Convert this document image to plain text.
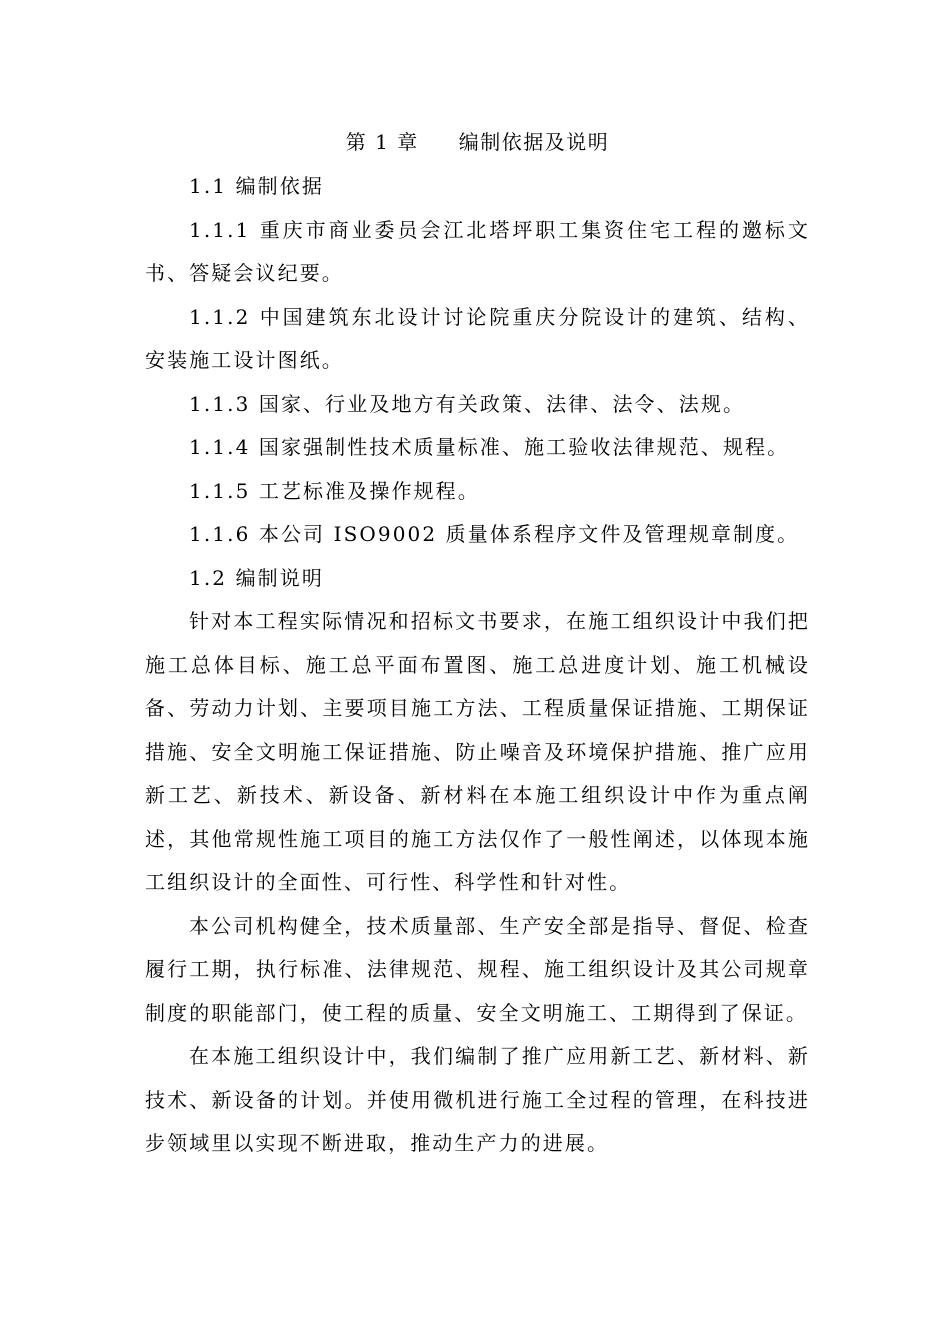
第 1 章 编制依据及说明

1.1 编制依据

1.1.1 重庆市商业委员会江北塔坪职工集资住宅工程的邀标文书、答疑会议纪要。

1.1.2 中国建筑东北设计讨论院重庆分院设计的建筑、结构、安装施工设计图纸。

1.1.3 国家、行业及地方有关政策、法律、法令、法规。

1.1.4 国家强制性技术质量标准、施工验收法律规范、规程。

1.1.5 工艺标准及操作规程。

1.1.6 本公司 ISO9002 质量体系程序文件及管理规章制度。

1.2 编制说明

针对本工程实际情况和招标文书要求，在施工组织设计中我们把施工总体目标、施工总平面布置图、施工总进度计划、施工机械设备、劳动力计划、主要项目施工方法、工程质量保证措施、工期保证措施、安全文明施工保证措施、防止噪音及环境保护措施、推广应用新工艺、新技术、新设备、新材料在本施工组织设计中作为重点阐述，其他常规性施工项目的施工方法仅作了一般性阐述，以体现本施工组织设计的全面性、可行性、科学性和针对性。

本公司机构健全，技术质量部、生产安全部是指导、督促、检查履行工期，执行标准、法律规范、规程、施工组织设计及其公司规章制度的职能部门，使工程的质量、安全文明施工、工期得到了保证。

在本施工组织设计中，我们编制了推广应用新工艺、新材料、新技术、新设备的计划。并使用微机进行施工全过程的管理，在科技进步领域里以实现不断进取，推动生产力的进展。
